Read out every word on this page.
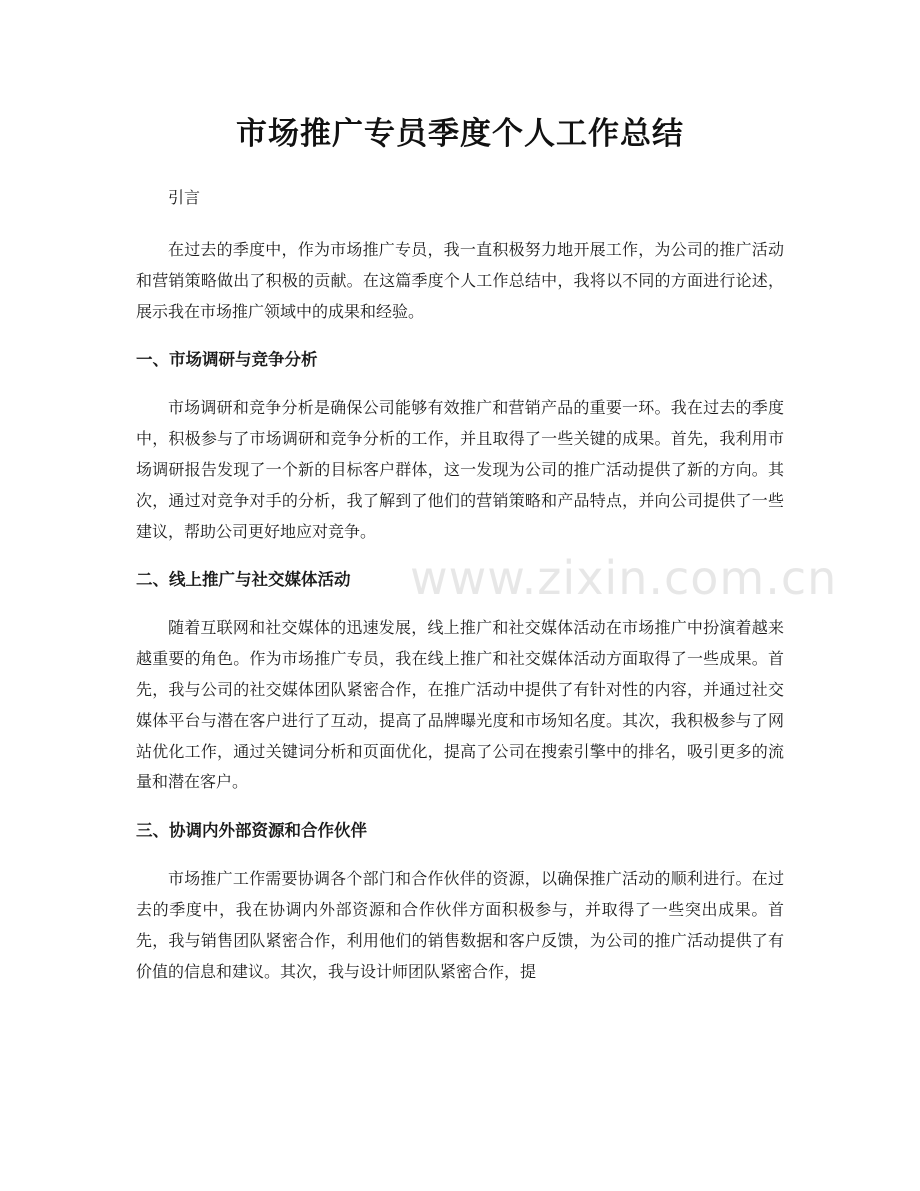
市场推广专员季度个人工作总结
引言

在过去的季度中，作为市场推广专员，我一直积极努力地开展工作，为公司的推广活动和营销策略做出了积极的贡献。在这篇季度个人工作总结中，我将以不同的方面进行论述，展示我在市场推广领域中的成果和经验。

一、市场调研与竞争分析

市场调研和竞争分析是确保公司能够有效推广和营销产品的重要一环。我在过去的季度中，积极参与了市场调研和竞争分析的工作，并且取得了一些关键的成果。首先，我利用市场调研报告发现了一个新的目标客户群体，这一发现为公司的推广活动提供了新的方向。其次，通过对竞争对手的分析，我了解到了他们的营销策略和产品特点，并向公司提供了一些建议，帮助公司更好地应对竞争。

二、线上推广与社交媒体活动

随着互联网和社交媒体的迅速发展，线上推广和社交媒体活动在市场推广中扮演着越来越重要的角色。作为市场推广专员，我在线上推广和社交媒体活动方面取得了一些成果。首先，我与公司的社交媒体团队紧密合作，在推广活动中提供了有针对性的内容，并通过社交媒体平台与潜在客户进行了互动，提高了品牌曝光度和市场知名度。其次，我积极参与了网站优化工作，通过关键词分析和页面优化，提高了公司在搜索引擎中的排名，吸引更多的流量和潜在客户。

三、协调内外部资源和合作伙伴

市场推广工作需要协调各个部门和合作伙伴的资源，以确保推广活动的顺利进行。在过去的季度中，我在协调内外部资源和合作伙伴方面积极参与，并取得了一些突出成果。首先，我与销售团队紧密合作，利用他们的销售数据和客户反馈，为公司的推广活动提供了有价值的信息和建议。其次，我与设计师团队紧密合作，提

www.zixin.com.cn
